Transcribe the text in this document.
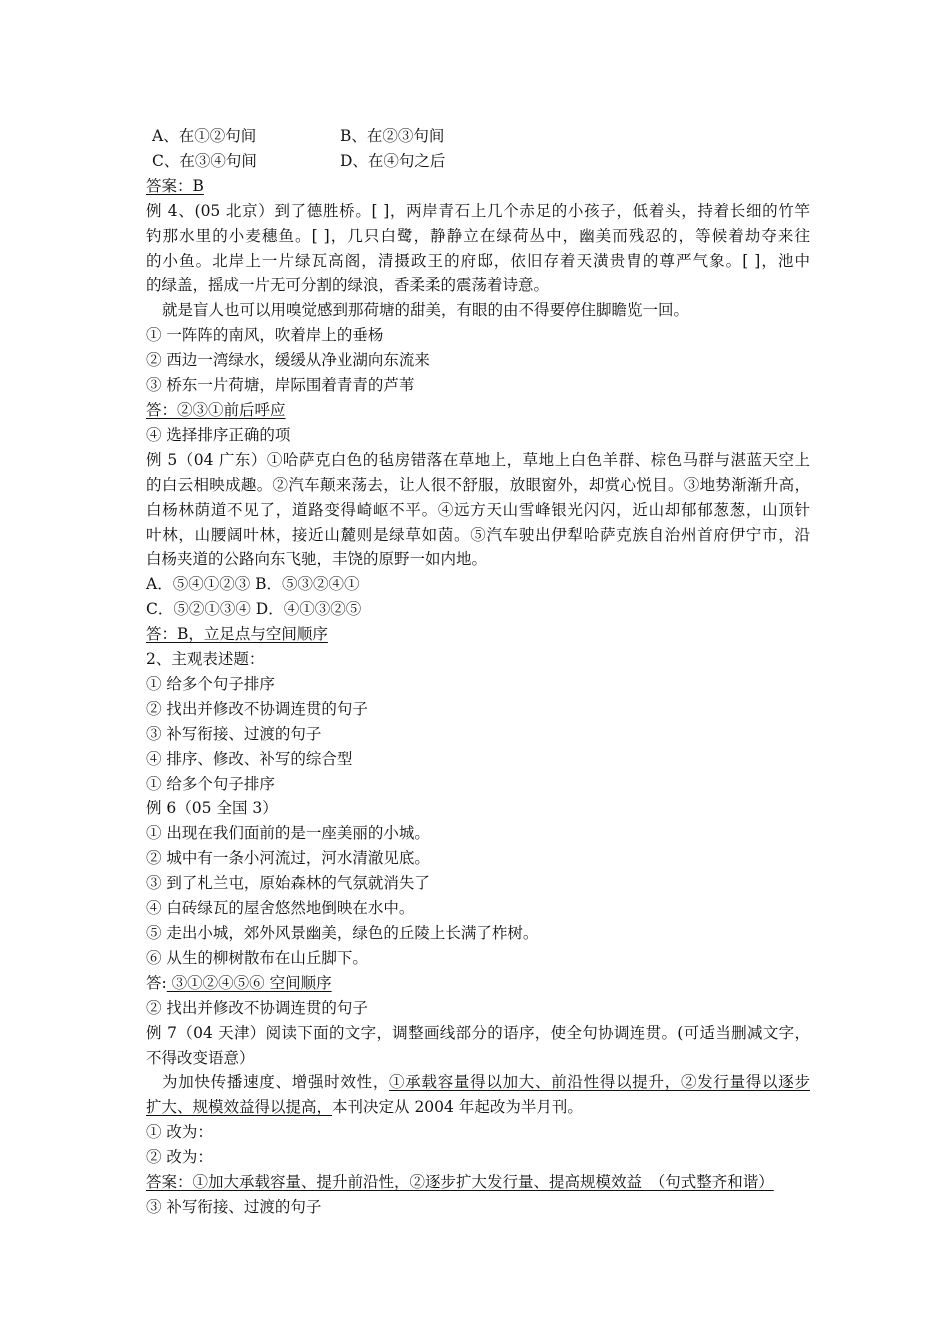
A、在①②句间	B、在②③句间
C、在③④句间	D、在④句之后
答案：B
例 4、(05 北京）到了德胜桥。[ ]，两岸青石上几个赤足的小孩子，低着头，持着长细的竹竿
钓那水里的小麦穗鱼。[ ]，几只白鹭，静静立在绿荷丛中，幽美而残忍的，等候着劫夺来往
的小鱼。北岸上一片绿瓦高阁，清摄政王的府邸，依旧存着天潢贵胄的尊严气象。[ ]，池中
的绿盖，摇成一片无可分割的绿浪，香柔柔的震荡着诗意。
就是盲人也可以用嗅觉感到那荷塘的甜美，有眼的由不得要停住脚瞻览一回。
① 一阵阵的南风，吹着岸上的垂杨
② 西边一湾绿水，缓缓从净业湖向东流来
③ 桥东一片荷塘，岸际围着青青的芦苇
答：②③①前后呼应
④ 选择排序正确的项
例 5（04 广东）①哈萨克白色的毡房错落在草地上，草地上白色羊群、棕色马群与湛蓝天空上
的白云相映成趣。②汽车颠来荡去，让人很不舒服，放眼窗外，却赏心悦目。③地势渐渐升高，
白杨林荫道不见了，道路变得崎岖不平。④远方天山雪峰银光闪闪，近山却郁郁葱葱，山顶针
叶林，山腰阔叶林，接近山麓则是绿草如茵。⑤汽车驶出伊犁哈萨克族自治州首府伊宁市，沿
白杨夹道的公路向东飞驰，丰饶的原野一如内地。
A．⑤④①②③ B．⑤③②④①
C．⑤②①③④ D．④①③②⑤
答：B，立足点与空间顺序
2、主观表述题：
① 给多个句子排序
② 找出并修改不协调连贯的句子
③ 补写衔接、过渡的句子
④ 排序、修改、补写的综合型
① 给多个句子排序
例 6（05 全国 3）
① 出现在我们面前的是一座美丽的小城。
② 城中有一条小河流过，河水清澈见底。
③ 到了札兰屯，原始森林的气氛就消失了
④ 白砖绿瓦的屋舍悠然地倒映在水中。
⑤ 走出小城，郊外风景幽美，绿色的丘陵上长满了柞树。
⑥ 从生的柳树散布在山丘脚下。
答: ③①②④⑤⑥ 空间顺序
② 找出并修改不协调连贯的句子
例 7（04 天津）阅读下面的文字，调整画线部分的语序，使全句协调连贯。(可适当删减文字，
不得改变语意）
为加快传播速度、增强时效性，①承载容量得以加大、前沿性得以提升，②发行量得以逐步
扩大、规模效益得以提高，本刊决定从 2004 年起改为半月刊。
① 改为：
② 改为：
答案：①加大承载容量、提升前沿性，②逐步扩大发行量、提高规模效益　（句式整齐和谐）
③ 补写衔接、过渡的句子
